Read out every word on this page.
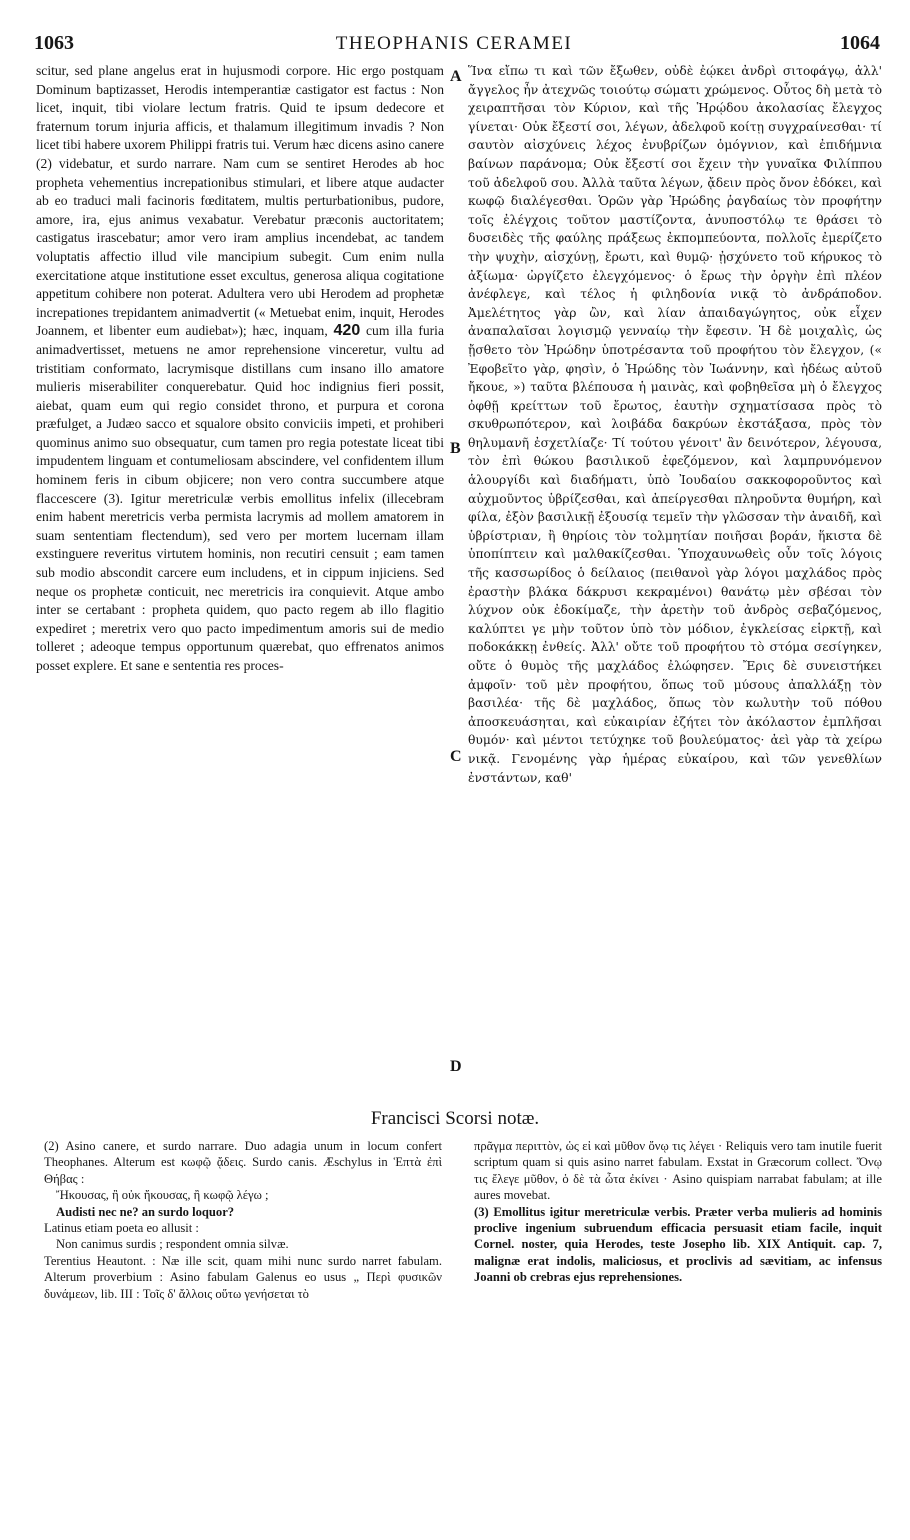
1063	THEOPHANIS CERAMEI	1064
scitur, sed plane angelus erat in hujusmodi corpore. Hic ergo postquam Dominum baptizasset, Herodis intemperantiæ castigator est factus : Non licet, inquit, tibi violare lectum fratris. Quid te ipsum dedecore et fraternum torum injuria afficis, et thalamum illegitimum invadis ? Non licet tibi habere uxorem Philippi fratris tui. Verum hæc dicens asino canere (2) videbatur, et surdo narrare. Nam cum se sentiret Herodes ab hoc propheta vehementius increpationibus stimulari, et libere atque audacter ab eo traduci mali facinoris fœditatem, multis perturbationibus, pudore, amore, ira, ejus animus vexabatur. Verebatur præconis auctoritatem; castigatus irascebatur; amor vero iram amplius incendebat, ac tandem voluptatis affectio illud vile mancipium subegit. Cum enim nulla exercitatione atque institutione esset excultus, generosa aliqua cogitatione appetitum cohibere non poterat. Adultera vero ubi Herodem ad prophetæ increpationes trepidantem animadvertit (« Metuebat enim, inquit, Herodes Joannem, et libenter eum audiebat»); hæc, inquam, 420 cum illa furia animadvertisset, metuens ne amor reprehensione vinceretur, vultu ad tristitiam conformato, lacrymisque distillans cum insano illo amatore mulieris miserabiliter conquerebatur. Quid hoc indignius fieri possit, aiebat, quam eum qui regio considet throno, et purpura et corona præfulget, a Judæo sacco et squalore obsito conviciis impeti, et prohiberi quominus animo suo obsequatur, cum tamen pro regia potestate liceat tibi impudentem linguam et contumeliosam abscindere, vel confidentem illum hominem feris in cibum objicere; non vero contra succumbere atque flaccescere (3). Igitur meretriculæ verbis emollitus infelix (illecebram enim habent meretricis verba permista lacrymis ad mollem amatorem in suam sententiam flectendum), sed vero per mortem lucernam illam exstinguere reveritus virtutem hominis, non recutiri censuit ; eam tamen sub modio abscondit carcere eum includens, et in cippum injiciens. Sed neque os prophetæ conticuit, nec meretricis ira conquievit. Atque ambo inter se certabant : propheta quidem, quo pacto regem ab illo flagitio expediret ; meretrix vero quo pacto impedimentum amoris sui de medio tolleret ; adeoque tempus opportunum quærebat, quo effrenatos animos posset explere. Et sane e sententia res proces-
A
B
C
D
Ἵνα εἴπω τι καὶ τῶν ἔξωθεν, οὐδὲ ἐῴκει ἀνδρὶ σιτοφάγῳ, ἀλλ' ἄγγελος ἦν ἀτεχνῶς τοιούτῳ σώματι χρώμενος. Οὗτος δὴ μετὰ τὸ χειραπτῆσαι τὸν Κύριον, καὶ τῆς Ἡρῴδου ἀκολασίας ἔλεγχος γίνεται· Οὐκ ἔξεστί σοι, λέγων, ἀδελφοῦ κοίτῃ συγχραίνεσθαι· τί σαυτὸν αἰσχύνεις λέχος ἐνυβρίζων ὁμόγνιον, καὶ ἐπιδήμνια βαίνων παράνομα; Οὐκ ἔξεστί σοι ἔχειν τὴν γυναῖκα Φιλίππου τοῦ ἀδελφοῦ σου. Ἀλλὰ ταῦτα λέγων, ᾄδειν πρὸς ὄνον ἐδόκει, καὶ κωφῷ διαλέγεσθαι. Ὁρῶν γὰρ Ἡρώδης ῥαγδαίως τὸν προφήτην τοῖς ἐλέγχοις τοῦτον μαστίζοντα, ἀνυποστόλῳ τε θράσει τὸ δυσειδὲς τῆς φαύλης πράξεως ἐκπομπεύοντα, πολλοῖς ἐμερίζετο τὴν ψυχὴν, αἰσχύνῃ, ἔρωτι, καὶ θυμῷ· ᾐσχύνετο τοῦ κήρυκος τὸ ἀξίωμα· ὠργίζετο ἐλεγχόμενος· ὁ ἔρως τὴν ὀργὴν ἐπὶ πλέον ἀνέφλεγε, καὶ τέλος ἡ φιληδονία νικᾷ τὸ ἀνδράποδον. Ἀμελέτητος γὰρ ὢν, καὶ λίαν ἀπαιδαγώγητος, οὐκ εἶχεν ἀναπαλαῖσαι λογισμῷ γενναίῳ τὴν ἔφεσιν. Ἡ δὲ μοιχαλὶς, ὡς ᾔσθετο τὸν Ἡρώδην ὑποτρέσαντα τοῦ προφήτου τὸν ἔλεγχον, (« Ἐφοβεῖτο γὰρ, φησὶν, ὁ Ἡρώδης τὸν Ἰωάννην, καὶ ἡδέως αὐτοῦ ἤκουε, ») ταῦτα βλέπουσα ἡ μαινὰς, καὶ φοβηθεῖσα μὴ ὁ ἔλεγχος ὀφθῇ κρείττων τοῦ ἔρωτος, ἑαυτὴν σχηματίσασα πρὸς τὸ σκυθρωπότερον, καὶ λοιβάδα δακρύων ἐκστάξασα, πρὸς τὸν θηλυμανῆ ἐσχετλίαζε· Τί τούτου γένοιτ' ἂν δεινότερον, λέγουσα, τὸν ἐπὶ θώκου βασιλικοῦ ἐφεζόμενον, καὶ λαμπρυνόμενον ἁλουργίδι καὶ διαδήματι, ὑπὸ Ἰουδαίου σακκοφοροῦντος καὶ αὐχμοῦντος ὑβρίζεσθαι, καὶ ἀπείργεσθαι πληροῦντα θυμήρη, καὶ φίλα, ἐξὸν βασιλικῇ ἐξουσίᾳ τεμεῖν τὴν γλῶσσαν τὴν ἀναιδῆ, καὶ ὑβρίστριαν, ἢ θηρίοις τὸν τολμητίαν ποιῆσαι βοράν, ἥκιστα δὲ ὑποπίπτειν καὶ μαλθακίζεσθαι. Ὑποχαυνωθεὶς οὖν τοῖς λόγοις τῆς κασσωρίδος ὁ δείλαιος (πειθανοὶ γὰρ λόγοι μαχλάδος πρὸς ἐραστὴν βλάκα δάκρυσι κεκραμένοι) θανάτῳ μὲν σβέσαι τὸν λύχνον οὐκ ἐδοκίμαζε, τὴν ἀρετὴν τοῦ ἀνδρὸς σεβαζόμενος, καλύπτει γε μὴν τοῦτον ὑπὸ τὸν μόδιον, ἐγκλείσας εἱρκτῇ, καὶ ποδοκάκκῃ ἐνθείς. Ἀλλ' οὔτε τοῦ προφήτου τὸ στόμα σεσίγηκεν, οὔτε ὁ θυμὸς τῆς μαχλάδος ἐλώφησεν. Ἔρις δὲ συνειστήκει ἀμφοῖν· τοῦ μὲν προφήτου, ὅπως τοῦ μύσους ἀπαλλάξῃ τὸν βασιλέα· τῆς δὲ μαχλάδος, ὅπως τὸν κωλυτὴν τοῦ πόθου ἀποσκευάσηται, καὶ εὐκαιρίαν ἐζήτει τὸν ἀκόλαστον ἐμπλῆσαι θυμόν· καὶ μέντοι τετύχηκε τοῦ βουλεύματος· ἀεὶ γὰρ τὰ χείρω νικᾷ. Γενομένης γὰρ ἡμέρας εὐκαίρου, καὶ τῶν γενεθλίων ἐνστάντων, καθ'
Francisci Scorsi notæ.

(2) Asino canere, et surdo narrare. Duo adagia unum in locum confert Theophanes. Alterum est κωφῷ ᾄδεις. Surdo canis. Æschylus in Ἑπτὰ ἐπὶ Θήβας :

Ἤκουσας, ἢ οὐκ ἤκουσας, ἢ κωφῷ λέγω ;

Audisti nec ne? an surdo loquor?

Latinus etiam poeta eo allusit :

Non canimus surdis ; respondent omnia silvæ.

Terentius Heautont. : Næ ille scit, quam mihi nunc surdo narret fabulam. Alterum proverbium : Asino fabulam Galenus eo usus „ Περὶ φυσικῶν δυνάμεων, lib. III : Τοῖς δ' ἄλλοις οὕτω γενήσεται τὸ

πρᾶγμα περιττὸν, ὡς εἰ καὶ μῦθον ὄνῳ τις λέγει · Reliquis vero tam inutile fuerit scriptum quam si quis asino narret fabulam. Exstat in Græcorum collect. Ὄνῳ τις ἔλεγε μῦθον, ὁ δὲ τὰ ὦτα ἐκίνει · Asino quispiam narrabat fabulam; at ille aures movebat.

(3) Emollitus igitur meretriculæ verbis. Præter verba mulieris ad hominis proclive ingenium subruendum efficacia persuasit etiam facile, inquit Cornel. noster, quia Herodes, teste Josepho lib. XIX Antiquit. cap. 7, malignæ erat indolis, maliciosus, et proclivis ad sævitiam, ac infensus Joanni ob crebras ejus reprehensiones.
